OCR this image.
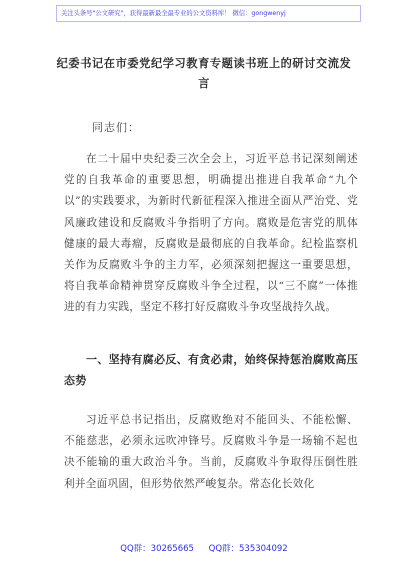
关注头条号"公文研究"，获得最新最全最专业的公文资料库！ 微信：gongwenyj
纪委书记在市委党纪学习教育专题读书班上的研讨交流发
言
同志们：

在二十届中央纪委三次全会上，习近平总书记深刻阐述党的自我革命的重要思想，明确提出推进自我革命“九个以”的实践要求，为新时代新征程深入推进全面从严治党、党风廉政建设和反腐败斗争指明了方向。腐败是危害党的肌体健康的最大毒瘤，反腐败是最彻底的自我革命。纪检监察机关作为反腐败斗争的主力军，必须深刻把握这一重要思想，将自我革命精神贯穿反腐败斗争全过程，以“三不腐”一体推进的有力实践，坚定不移打好反腐败斗争攻坚战持久战。

一、坚持有腐必反、有贪必肃，始终保持惩治腐败高压态势

习近平总书记指出，反腐败绝对不能回头、不能松懈、不能慈悲，必须永远吹冲锋号。反腐败斗争是一场输不起也决不能输的重大政治斗争。当前，反腐败斗争取得压倒性胜利并全面巩固，但形势依然严峻复杂。常态化长效化

QQ群：30265665 QQ群：535304092
